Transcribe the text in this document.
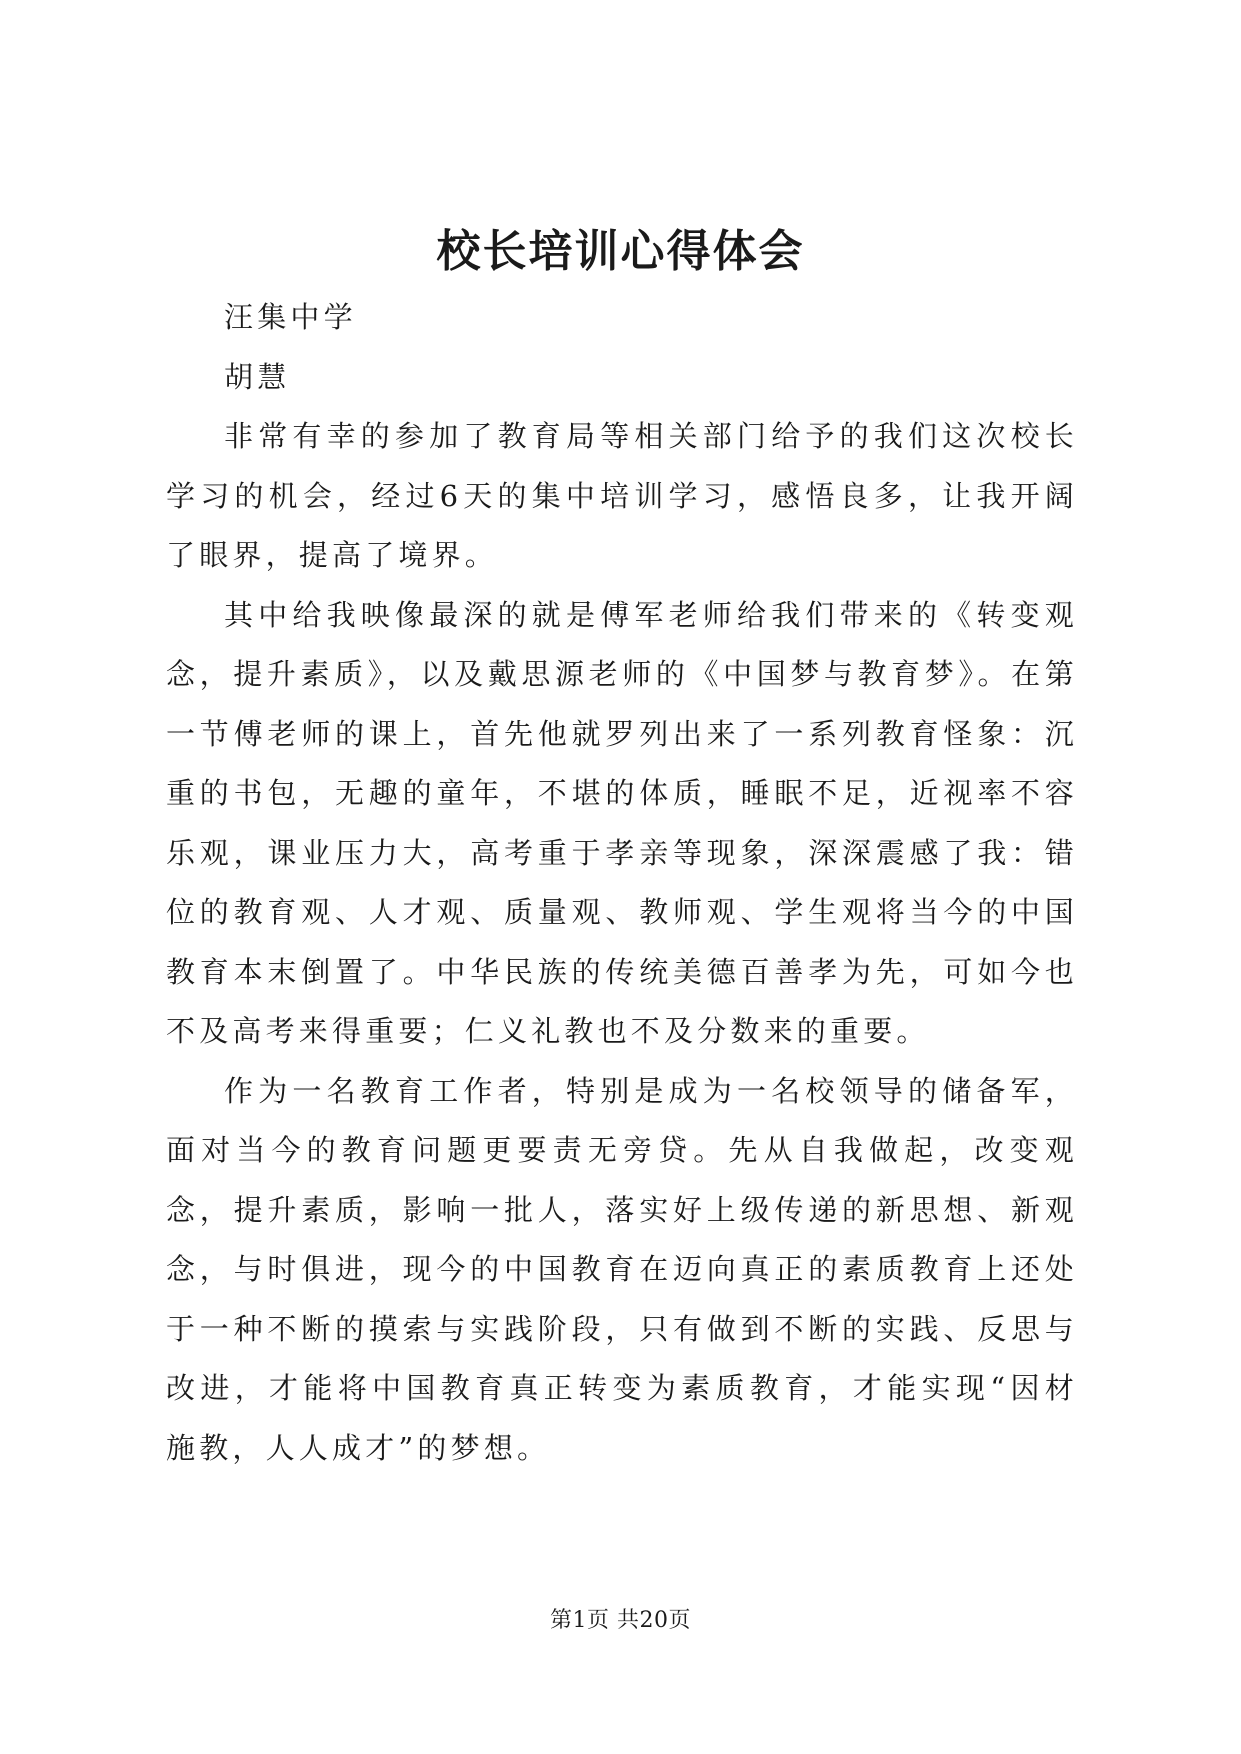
校长培训心得体会

汪集中学

胡慧

非常有幸的参加了教育局等相关部门给予的我们这次校长学习的机会，经过6天的集中培训学习，感悟良多，让我开阔了眼界，提高了境界。

其中给我映像最深的就是傅军老师给我们带来的《转变观念，提升素质》，以及戴思源老师的《中国梦与教育梦》。在第一节傅老师的课上，首先他就罗列出来了一系列教育怪象：沉重的书包，无趣的童年，不堪的体质，睡眠不足，近视率不容乐观，课业压力大，高考重于孝亲等现象，深深震感了我：错位的教育观、人才观、质量观、教师观、学生观将当今的中国教育本末倒置了。中华民族的传统美德百善孝为先，可如今也不及高考来得重要；仁义礼教也不及分数来的重要。

作为一名教育工作者，特别是成为一名校领导的储备军，面对当今的教育问题更要责无旁贷。先从自我做起，改变观念，提升素质，影响一批人，落实好上级传递的新思想、新观念，与时俱进，现今的中国教育在迈向真正的素质教育上还处于一种不断的摸索与实践阶段，只有做到不断的实践、反思与改进，才能将中国教育真正转变为素质教育，才能实现“因材施教，人人成才”的梦想。

第1页 共20页
